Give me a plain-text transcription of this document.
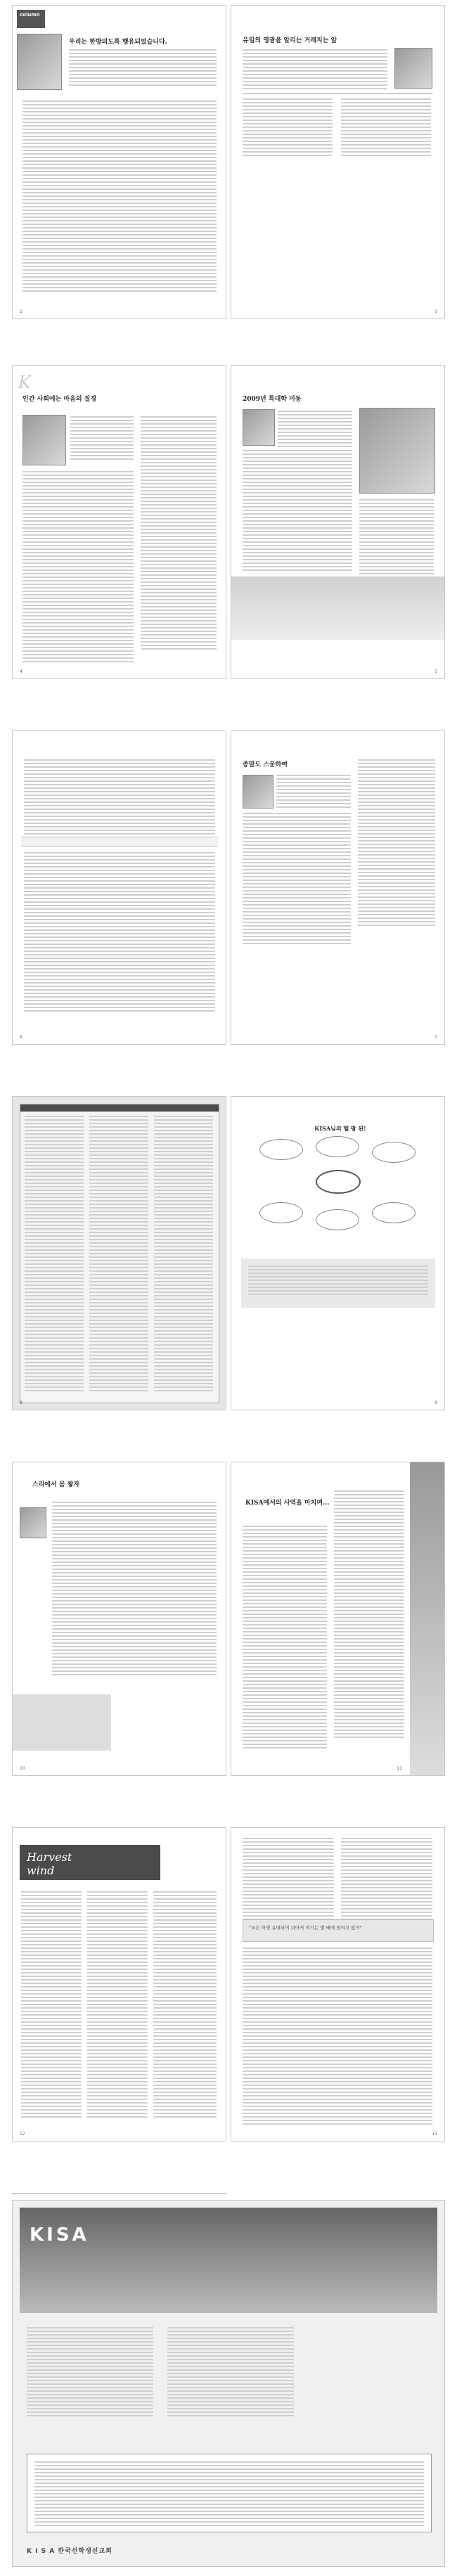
column
우리는 한방의도록 행유되었습니다.
2
유일의 영광을 알리는 거레지는 앞
3
K
인간 사회에는 마음의 질경
4
2009년 특대학 미동
5
6
종말도 스운하여
7
8
KISA님의 헬 팡 된!
9
스리에서 몸 쌓자
10
KISA에서의 사역을 마치며...
11
Harvest wind
12
"모든 학생 유네되어 쉬어서 여기는 몇 배에 열의지 앉거"
13
KISA
K I S A 한국선학생선교회
